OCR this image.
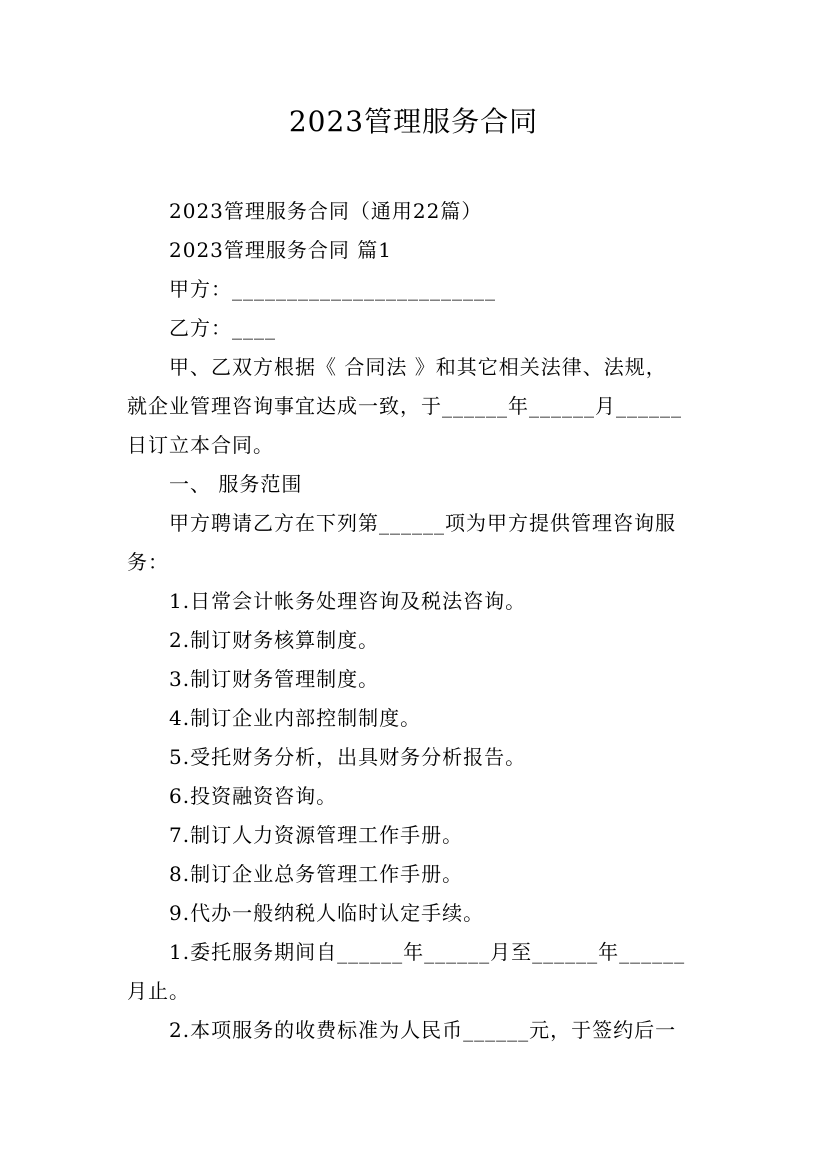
2023管理服务合同
2023管理服务合同（通用22篇）
2023管理服务合同 篇1
甲方：________________________
乙方：____
甲、乙双方根据《 合同法 》和其它相关法律、法规，
就企业管理咨询事宜达成一致，于______年______月______
日订立本合同。
一、 服务范围
甲方聘请乙方在下列第______项为甲方提供管理咨询服
务：
1.日常会计帐务处理咨询及税法咨询。
2.制订财务核算制度。
3.制订财务管理制度。
4.制订企业内部控制制度。
5.受托财务分析，出具财务分析报告。
6.投资融资咨询。
7.制订人力资源管理工作手册。
8.制订企业总务管理工作手册。
9.代办一般纳税人临时认定手续。
1.委托服务期间自______年______月至______年______
月止。
2.本项服务的收费标准为人民币______元，于签约后一
